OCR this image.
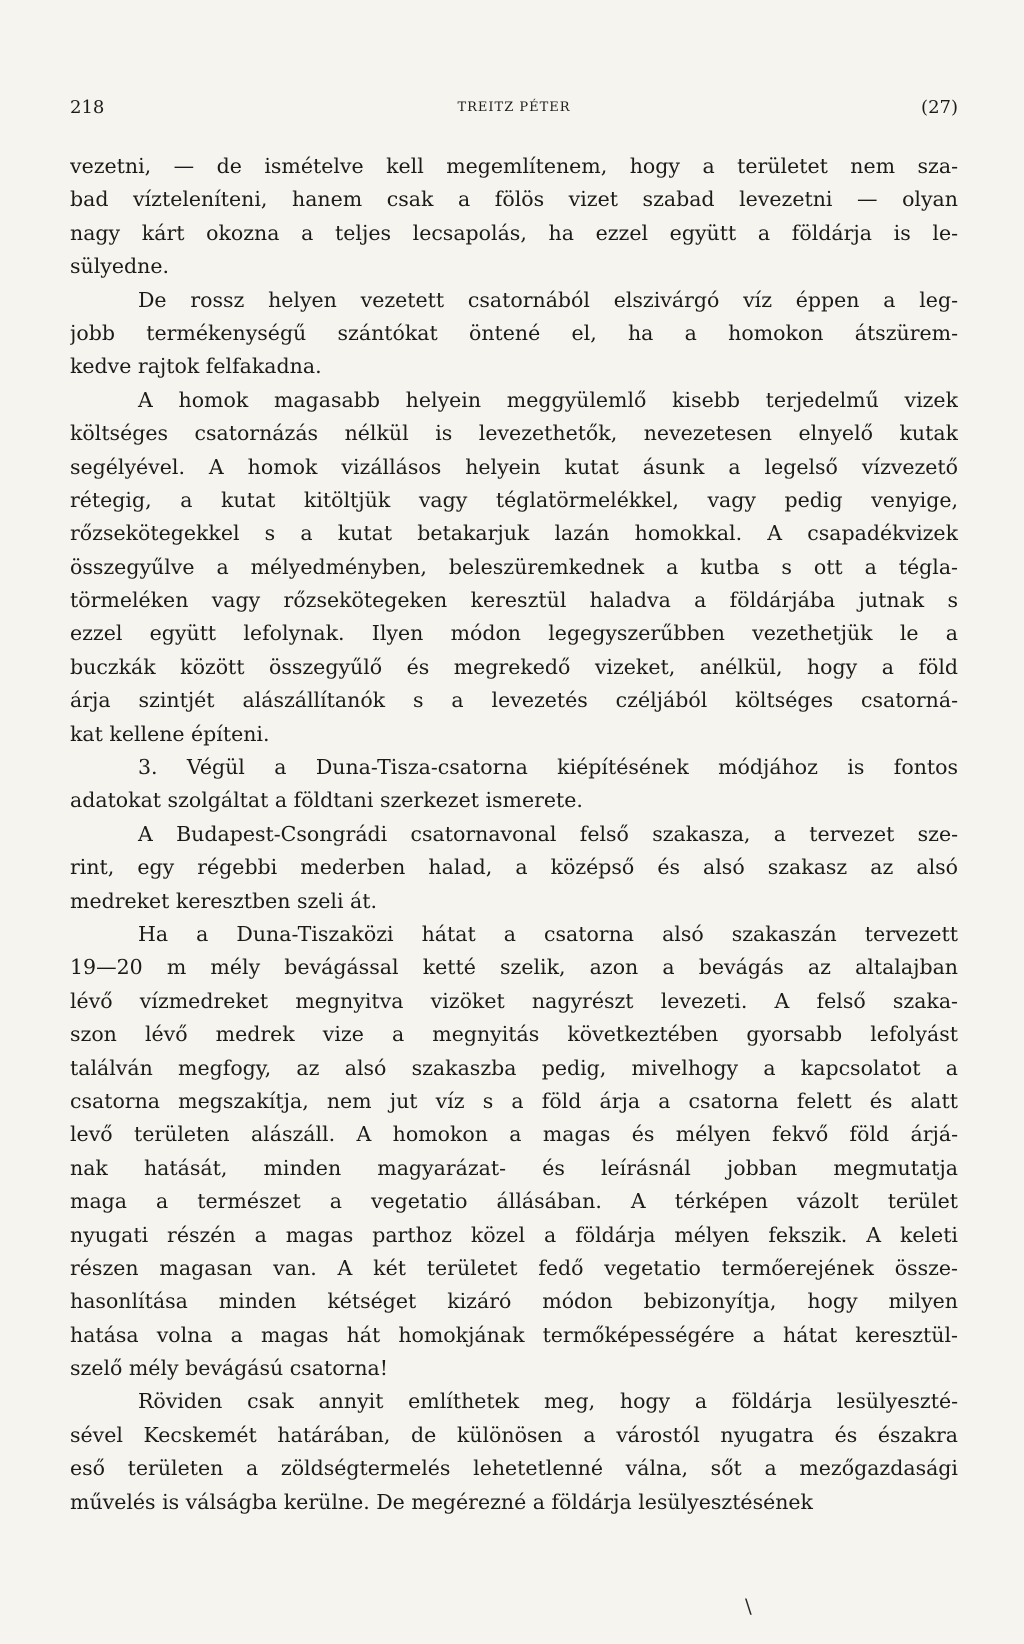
218	TREITZ PÉTER	(27)
vezetni, — de ismételve kell megemlítenem, hogy a területet nem sza-
bad vízteleníteni, hanem csak a fölös vizet szabad levezetni — olyan
nagy kárt okozna a teljes lecsapolás, ha ezzel együtt a földárja is le-
sülyedne.
De rossz helyen vezetett csatornából elszivárgó víz éppen a leg-
jobb termékenységű szántókat öntené el, ha a homokon átszürem-
kedve rajtok felfakadna.
A homok magasabb helyein meggyülemlő kisebb terjedelmű vizek
költséges csatornázás nélkül is levezethetők, nevezetesen elnyelő kutak
segélyével. A homok vizállásos helyein kutat ásunk a legelső vízvezető
rétegig, a kutat kitöltjük vagy téglatörmelékkel, vagy pedig venyige,
rőzsekötegekkel s a kutat betakarjuk lazán homokkal. A csapadékvizek
összegyűlve a mélyedményben, beleszüremkednek a kutba s ott a tégla-
törmeléken vagy rőzsekötegeken keresztül haladva a földárjába jutnak s
ezzel együtt lefolynak. Ilyen módon legegyszerűbben vezethetjük le a
buczkák között összegyűlő és megrekedő vizeket, anélkül, hogy a föld
árja szintjét alászállítanók s a levezetés czéljából költséges csatorná-
kat kellene építeni.
3. Végül a Duna-Tisza-csatorna kiépítésének módjához is fontos
adatokat szolgáltat a földtani szerkezet ismerete.
A Budapest-Csongrádi csatornavonal felső szakasza, a tervezet sze-
rint, egy régebbi mederben halad, a középső és alsó szakasz az alsó
medreket keresztben szeli át.
Ha a Duna-Tiszaközi hátat a csatorna alsó szakaszán tervezett
19—20 m mély bevágással ketté szelik, azon a bevágás az altalajban
lévő vízmedreket megnyitva vizöket nagyrészt levezeti. A felső szaka-
szon lévő medrek vize a megnyitás következtében gyorsabb lefolyást
találván megfogy, az alsó szakaszba pedig, mivelhogy a kapcsolatot a
csatorna megszakítja, nem jut víz s a föld árja a csatorna felett és alatt
levő területen alászáll. A homokon a magas és mélyen fekvő föld árjá-
nak hatását, minden magyarázat- és leírásnál jobban megmutatja
maga a természet a vegetatio állásában. A térképen vázolt terület
nyugati részén a magas parthoz közel a földárja mélyen fekszik. A keleti
részen magasan van. A két területet fedő vegetatio termőerejének össze-
hasonlítása minden kétséget kizáró módon bebizonyítja, hogy milyen
hatása volna a magas hát homokjának termőképességére a hátat keresztül-
szelő mély bevágású csatorna!
Röviden csak annyit említhetek meg, hogy a földárja lesülyeszté-
sével Kecskemét határában, de különösen a várostól nyugatra és északra
eső területen a zöldségtermelés lehetetlenné válna, sőt a mezőgazdasági
művelés is válságba kerülne. De megérezné a földárja lesülyesztésének
\
